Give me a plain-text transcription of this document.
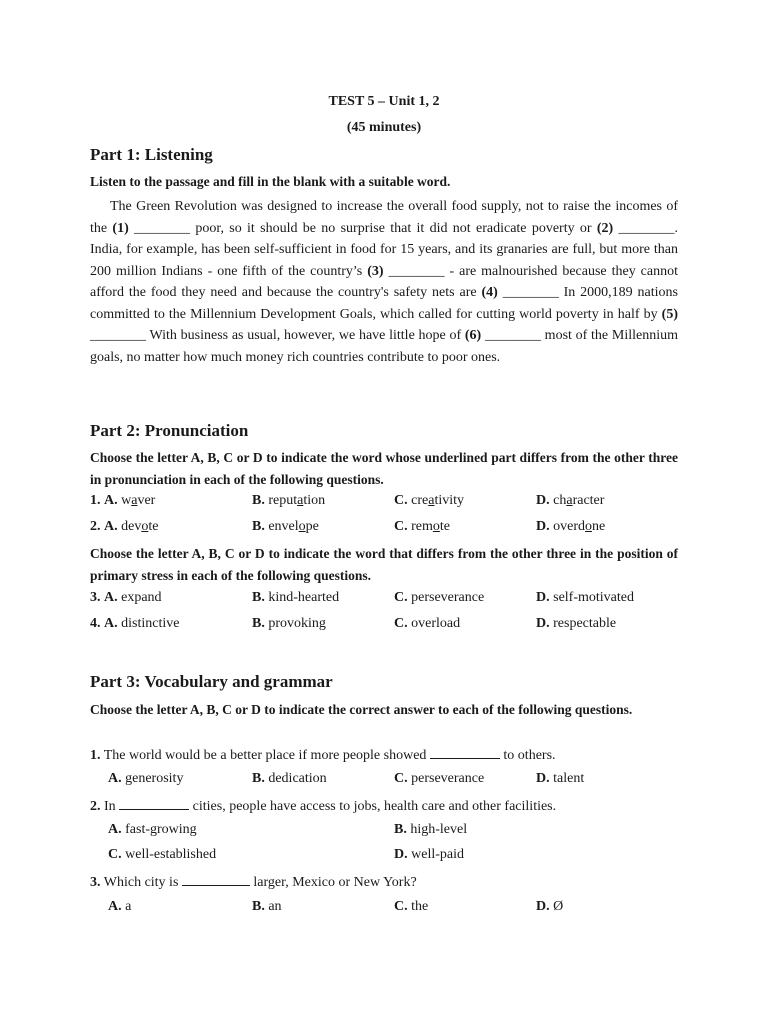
TEST 5 – Unit 1, 2
(45 minutes)
Part 1: Listening
Listen to the passage and fill in the blank with a suitable word.

The Green Revolution was designed to increase the overall food supply, not to raise the incomes of the (1) ________ poor, so it should be no surprise that it did not eradicate poverty or (2) ________. India, for example, has been self-sufficient in food for 15 years, and its granaries are full, but more than 200 million Indians - one fifth of the country’s (3) ________ - are malnourished because they cannot afford the food they need and because the country's safety nets are (4) ________ In 2000,189 nations committed to the Millennium Development Goals, which called for cutting world poverty in half by (5) ________ With business as usual, however, we have little hope of (6) ________ most of the Millennium goals, no matter how much money rich countries contribute to poor ones.

Part 2: Pronunciation
Choose the letter A, B, C or D to indicate the word whose underlined part differs from the other three in pronunciation in each of the following questions.
1. A. waver	B. reputation	C. creativity	D. character
2. A. devote	B. envelope	C. remote	D. overdone
Choose the letter A, B, C or D to indicate the word that differs from the other three in the position of primary stress in each of the following questions.
3. A. expand	B. kind-hearted	C. perseverance	D. self-motivated
4. A. distinctive	B. provoking	C. overload	D. respectable
Part 3: Vocabulary and grammar
Choose the letter A, B, C or D to indicate the correct answer to each of the following questions.
1. The world would be a better place if more people showed	to others.
A. generosity	B. dedication	C. perseverance	D. talent
2. In	cities, people have access to jobs, health care and other facilities.
A. fast-growing	B. high-level
C. well-established	D. well-paid
3. Which city is	larger, Mexico or New York?
A. a	B. an	C. the	D. Ø
